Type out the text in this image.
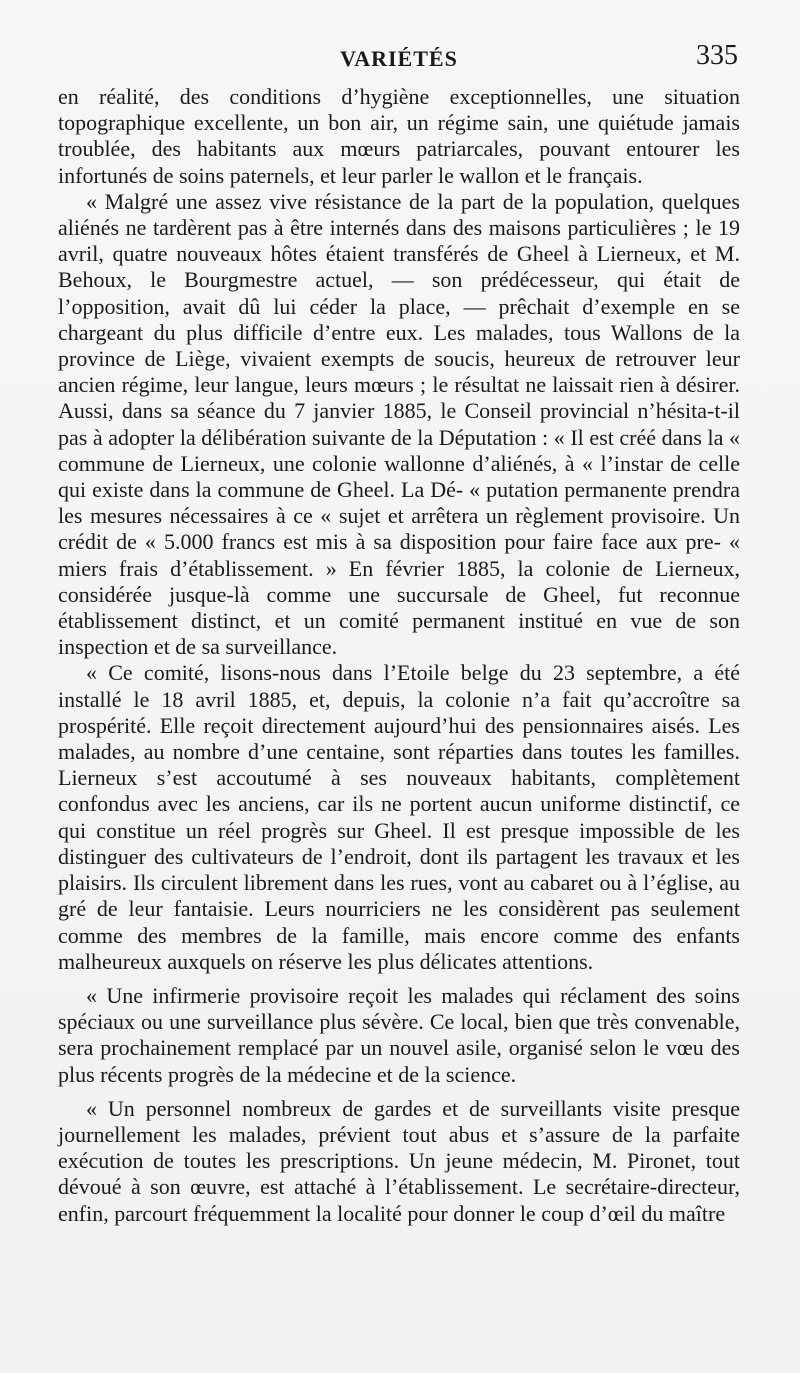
VARIÉTÉS	335

en réalité, des conditions d’hygiène exceptionnelles, une situation topographique excellente, un bon air, un régime sain, une quiétude jamais troublée, des habitants aux mœurs patriarcales, pouvant entourer les infortunés de soins paternels, et leur parler le wallon et le français.

« Malgré une assez vive résistance de la part de la population, quelques aliénés ne tardèrent pas à être internés dans des maisons particulières ; le 19 avril, quatre nouveaux hôtes étaient transférés de Gheel à Lierneux, et M. Behoux, le Bourgmestre actuel, — son prédécesseur, qui était de l’opposition, avait dû lui céder la place, — prêchait d’exemple en se chargeant du plus difficile d’entre eux. Les malades, tous Wallons de la province de Liège, vivaient exempts de soucis, heureux de retrouver leur ancien régime, leur langue, leurs mœurs ; le résultat ne laissait rien à désirer. Aussi, dans sa séance du 7 janvier 1885, le Conseil provincial n’hésita-t-il pas à adopter la délibération suivante de la Députation : « Il est créé dans la « commune de Lierneux, une colonie wallonne d’aliénés, à « l’instar de celle qui existe dans la commune de Gheel. La Dé- « putation permanente prendra les mesures nécessaires à ce « sujet et arrêtera un règlement provisoire. Un crédit de « 5.000 francs est mis à sa disposition pour faire face aux pre- « miers frais d’établissement. » En février 1885, la colonie de Lierneux, considérée jusque-là comme une succursale de Gheel, fut reconnue établissement distinct, et un comité permanent institué en vue de son inspection et de sa surveillance.

« Ce comité, lisons-nous dans l’Etoile belge du 23 septembre, a été installé le 18 avril 1885, et, depuis, la colonie n’a fait qu’accroître sa prospérité. Elle reçoit directement aujourd’hui des pensionnaires aisés. Les malades, au nombre d’une centaine, sont réparties dans toutes les familles. Lierneux s’est accoutumé à ses nouveaux habitants, complètement confondus avec les anciens, car ils ne portent aucun uniforme distinctif, ce qui constitue un réel progrès sur Gheel. Il est presque impossible de les distinguer des cultivateurs de l’endroit, dont ils partagent les travaux et les plaisirs. Ils circulent librement dans les rues, vont au cabaret ou à l’église, au gré de leur fantaisie. Leurs nourriciers ne les considèrent pas seulement comme des membres de la famille, mais encore comme des enfants malheureux auxquels on réserve les plus délicates attentions.

« Une infirmerie provisoire reçoit les malades qui réclament des soins spéciaux ou une surveillance plus sévère. Ce local, bien que très convenable, sera prochainement remplacé par un nouvel asile, organisé selon le vœu des plus récents progrès de la médecine et de la science.

« Un personnel nombreux de gardes et de surveillants visite presque journellement les malades, prévient tout abus et s’assure de la parfaite exécution de toutes les prescriptions. Un jeune médecin, M. Pironet, tout dévoué à son œuvre, est attaché à l’établissement. Le secrétaire-directeur, enfin, parcourt fréquemment la localité pour donner le coup d’œil du maître
